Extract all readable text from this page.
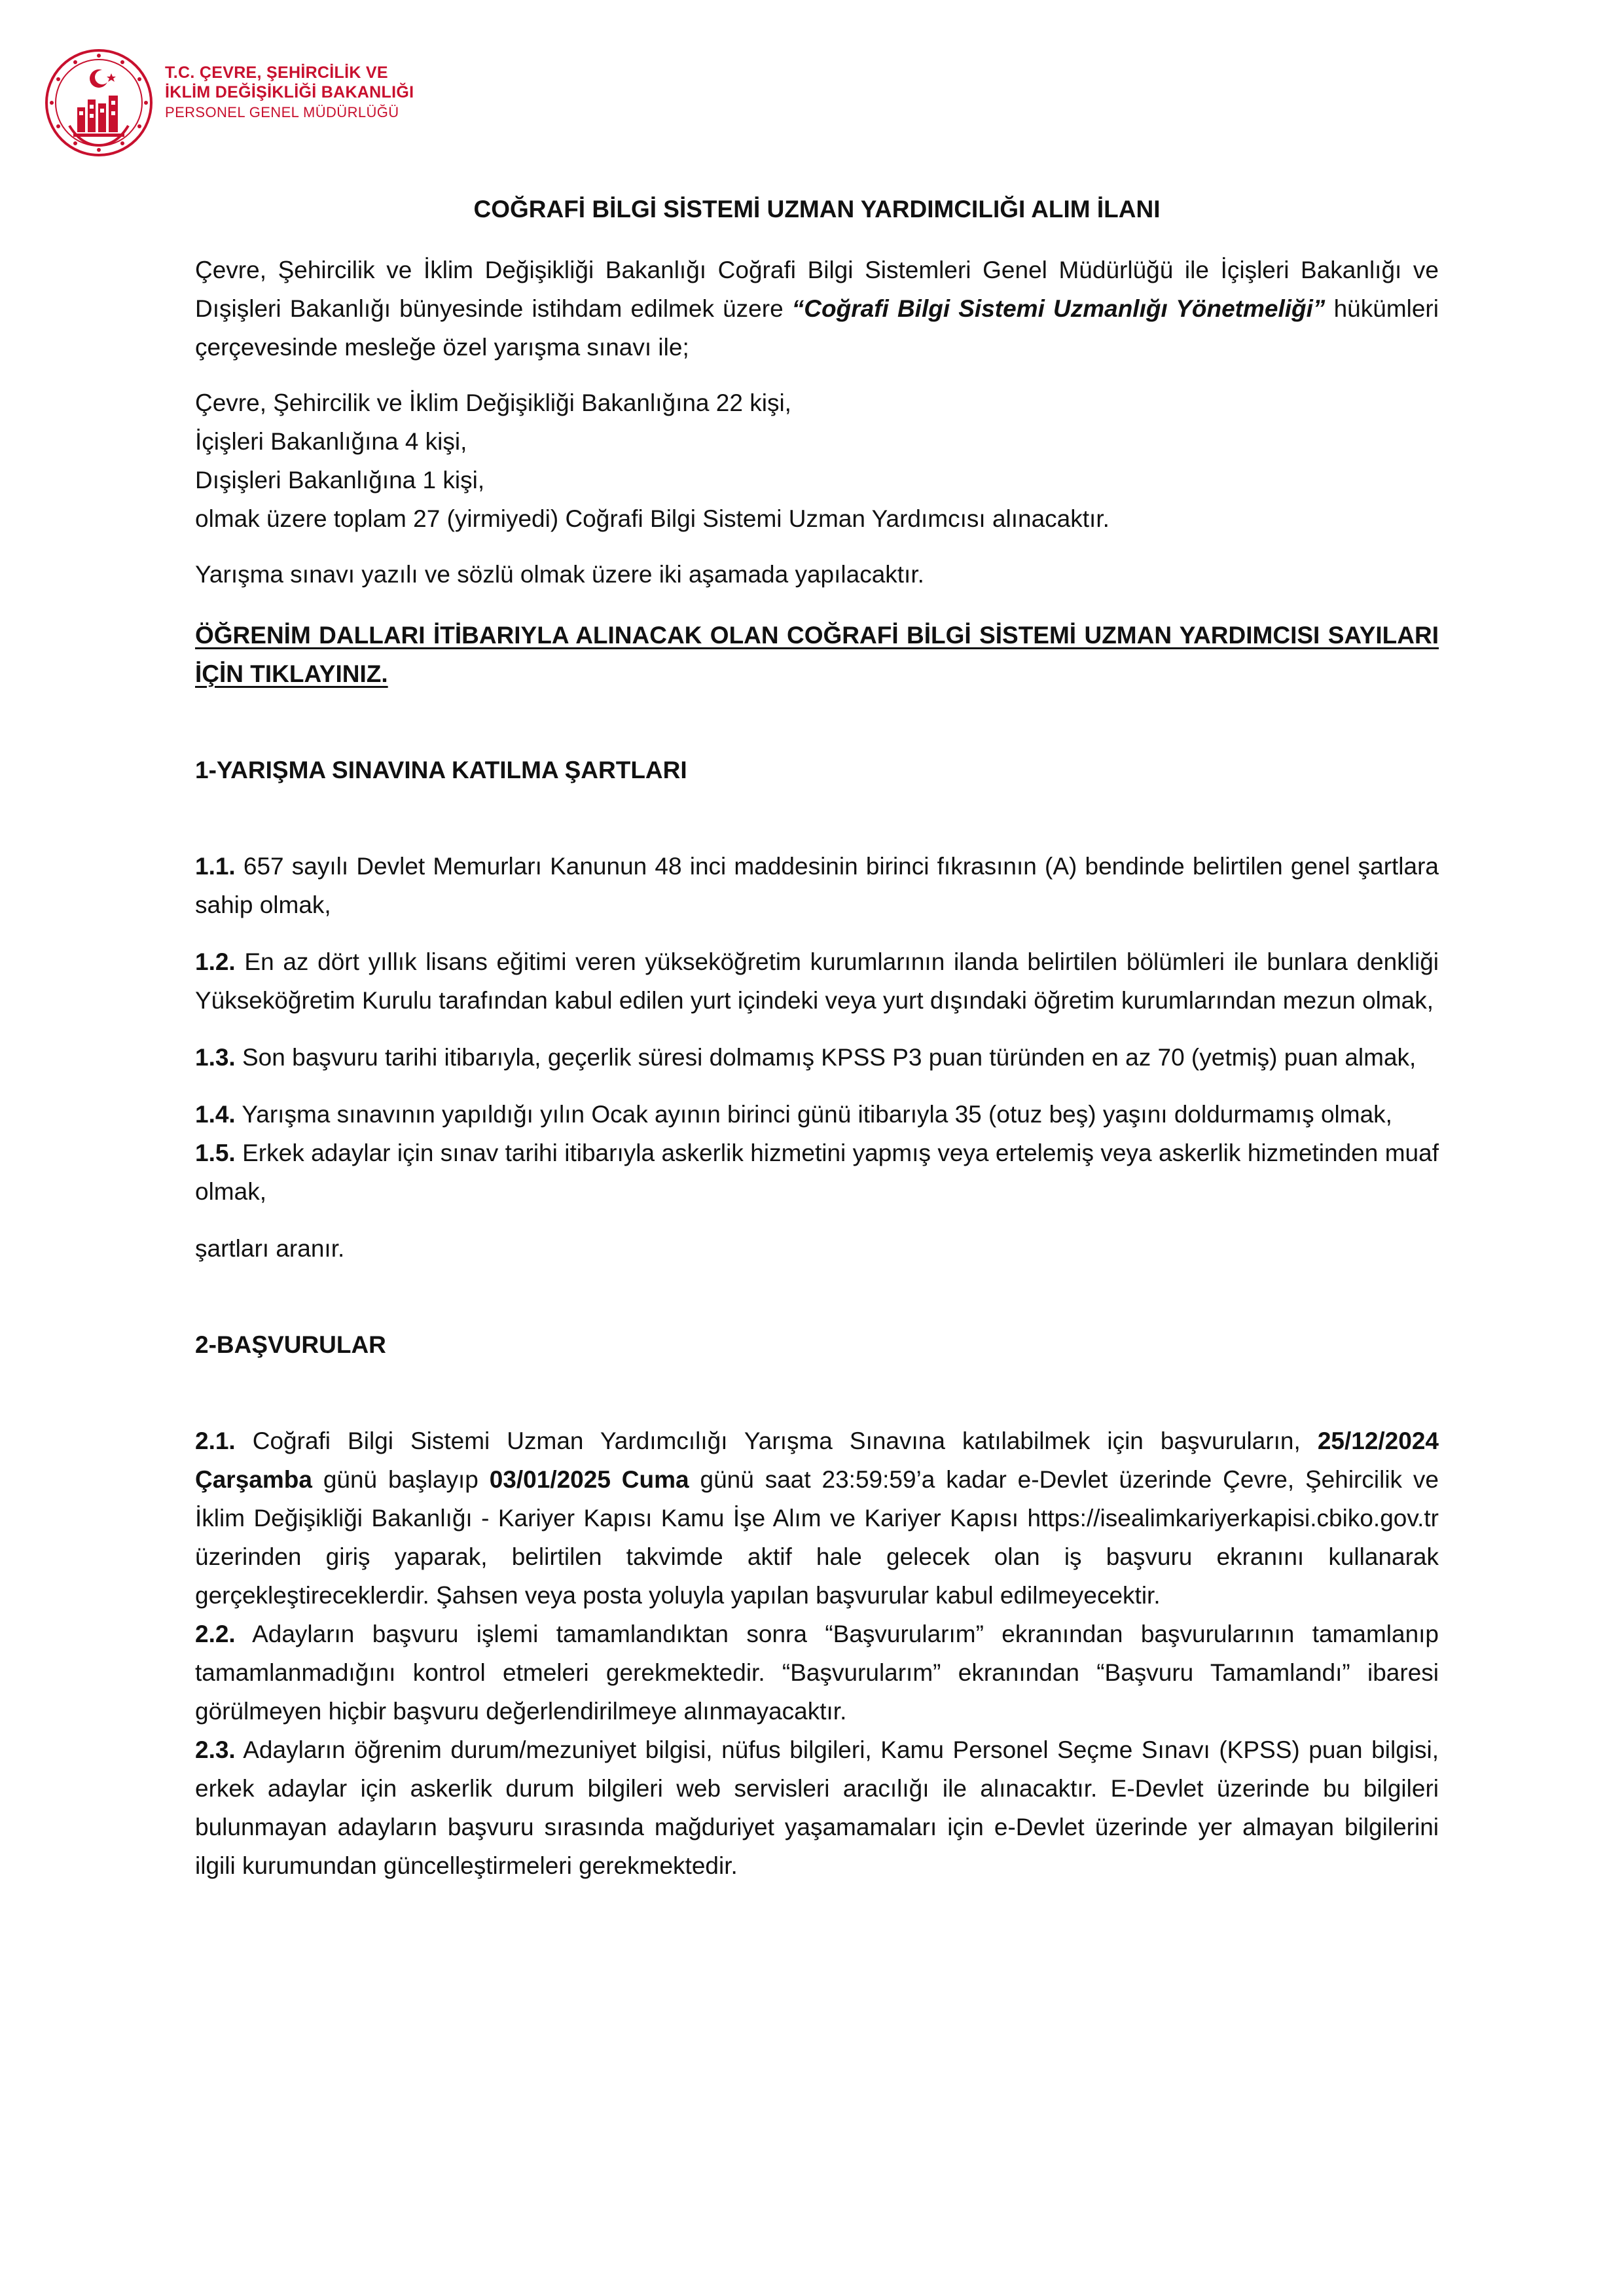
T.C. ÇEVRE, ŞEHİRCİLİK VE
İKLİM DEĞİŞİKLİĞİ BAKANLIĞI
PERSONEL GENEL MÜDÜRLÜĞÜ
COĞRAFİ BİLGİ SİSTEMİ UZMAN YARDIMCILIĞI ALIM İLANI

Çevre, Şehircilik ve İklim Değişikliği Bakanlığı Coğrafi Bilgi Sistemleri Genel Müdürlüğü ile İçişleri Bakanlığı ve Dışişleri Bakanlığı bünyesinde istihdam edilmek üzere “Coğrafi Bilgi Sistemi Uzmanlığı Yönetmeliği” hükümleri çerçevesinde mesleğe özel yarışma sınavı ile;

Çevre, Şehircilik ve İklim Değişikliği Bakanlığına 22 kişi,
İçişleri Bakanlığına 4 kişi,
Dışişleri Bakanlığına 1 kişi,
olmak üzere toplam 27 (yirmiyedi) Coğrafi Bilgi Sistemi Uzman Yardımcısı alınacaktır.

Yarışma sınavı yazılı ve sözlü olmak üzere iki aşamada yapılacaktır.

ÖĞRENİM DALLARI İTİBARIYLA ALINACAK OLAN COĞRAFİ BİLGİ SİSTEMİ UZMAN YARDIMCISI SAYILARI İÇİN TIKLAYINIZ.

1-YARIŞMA SINAVINA KATILMA ŞARTLARI

1.1. 657 sayılı Devlet Memurları Kanunun 48 inci maddesinin birinci fıkrasının (A) bendinde belirtilen genel şartlara sahip olmak,

1.2. En az dört yıllık lisans eğitimi veren yükseköğretim kurumlarının ilanda belirtilen bölümleri ile bunlara denkliği Yükseköğretim Kurulu tarafından kabul edilen yurt içindeki veya yurt dışındaki öğretim kurumlarından mezun olmak,

1.3. Son başvuru tarihi itibarıyla, geçerlik süresi dolmamış KPSS P3 puan türünden en az 70 (yetmiş) puan almak,

1.4. Yarışma sınavının yapıldığı yılın Ocak ayının birinci günü itibarıyla 35 (otuz beş) yaşını doldurmamış olmak,

1.5. Erkek adaylar için sınav tarihi itibarıyla askerlik hizmetini yapmış veya ertelemiş veya askerlik hizmetinden muaf olmak,

şartları aranır.

2-BAŞVURULAR

2.1. Coğrafi Bilgi Sistemi Uzman Yardımcılığı Yarışma Sınavına katılabilmek için başvuruların, 25/12/2024 Çarşamba günü başlayıp 03/01/2025 Cuma günü saat 23:59:59’a kadar e-Devlet üzerinde Çevre, Şehircilik ve İklim Değişikliği Bakanlığı - Kariyer Kapısı Kamu İşe Alım ve Kariyer Kapısı https://isealimkariyerkapisi.cbiko.gov.tr üzerinden giriş yaparak, belirtilen takvimde aktif hale gelecek olan iş başvuru ekranını kullanarak gerçekleştireceklerdir. Şahsen veya posta yoluyla yapılan başvurular kabul edilmeyecektir.

2.2. Adayların başvuru işlemi tamamlandıktan sonra “Başvurularım” ekranından başvurularının tamamlanıp tamamlanmadığını kontrol etmeleri gerekmektedir. “Başvurularım” ekranından “Başvuru Tamamlandı” ibaresi görülmeyen hiçbir başvuru değerlendirilmeye alınmayacaktır.

2.3. Adayların öğrenim durum/mezuniyet bilgisi, nüfus bilgileri, Kamu Personel Seçme Sınavı (KPSS) puan bilgisi, erkek adaylar için askerlik durum bilgileri web servisleri aracılığı ile alınacaktır. E-Devlet üzerinde bu bilgileri bulunmayan adayların başvuru sırasında mağduriyet yaşamamaları için e-Devlet üzerinde yer almayan bilgilerini ilgili kurumundan güncelleştirmeleri gerekmektedir.
